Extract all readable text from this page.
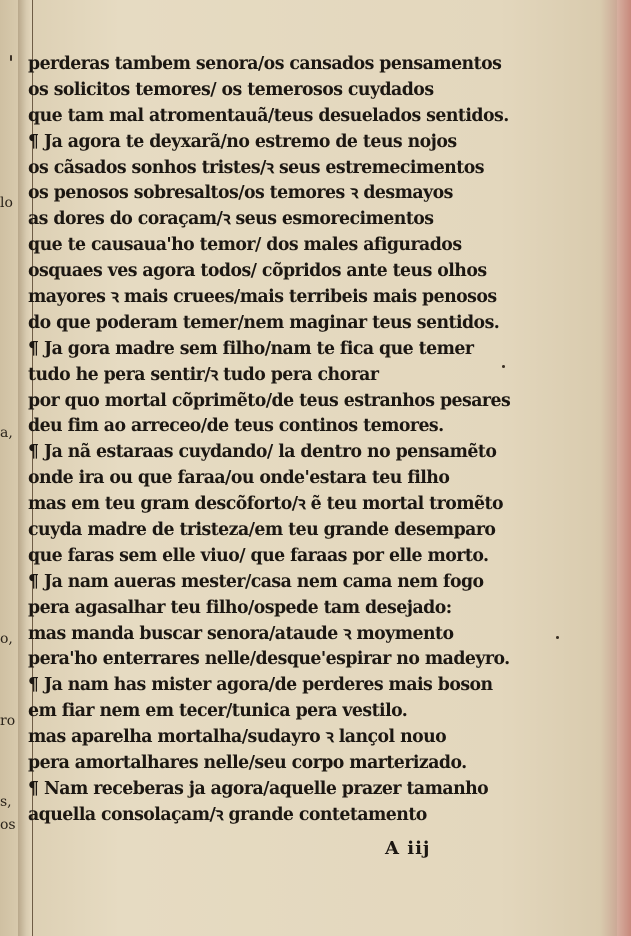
lo
a,
o,
ro
s,
os
perderas tambem senora/os cansados pensamentos
os solicitos temores/ os temerosos cuydados
que tam mal atromentauã/teus desuelados sentidos.
¶ Ja agora te deyxarã/no estremo de teus nojos
os cãsados sonhos tristes/ꝛ seus estremecimentos
os penosos sobresaltos/os temores ꝛ desmayos
as dores do coraçam/ꝛ seus esmorecimentos
que te causaua'ho temor/ dos males afigurados
osquaes ves agora todos/ cõpridos ante teus olhos
mayores ꝛ mais cruees/mais terribeis mais penosos
do que poderam temer/nem maginar teus sentidos.
¶ Ja gora madre sem filho/nam te fica que temer
tudo he pera sentir/ꝛ tudo pera chorar
por quo mortal cõprimẽto/de teus estranhos pesares
deu fim ao arreceo/de teus continos temores.
¶ Ja nã estaraas cuydando/ la dentro no pensamẽto
onde ira ou que faraa/ou onde'estara teu filho
mas em teu gram descõforto/ꝛ ẽ teu mortal tromẽto
cuyda madre de tristeza/em teu grande desemparo
que faras sem elle viuo/ que faraas por elle morto.
¶ Ja nam aueras mester/casa nem cama nem fogo
pera agasalhar teu filho/ospede tam desejado:
mas manda buscar senora/ataude ꝛ moymento
pera'ho enterrares nelle/desque'espirar no madeyro.
¶ Ja nam has mister agora/de perderes mais boson
em fiar nem em tecer/tunica pera vestilo.
mas aparelha mortalha/sudayro ꝛ lançol nouo
pera amortalhares nelle/seu corpo marterizado.
¶ Nam receberas ja agora/aquelle prazer tamanho
aquella consolaçam/ꝛ grande contetamento
A iij
